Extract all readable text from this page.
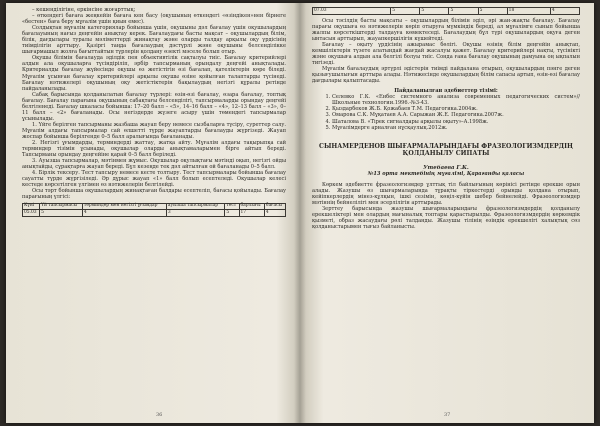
– кешенділігіне, еркінсіне жоғарттық;

– өткендегі бағаға жеңкейін бағаға кен басу (оқушының өткендегі «өзіндікен»нен бірнеге «бестен» баға беру мұғалім үшін қиын емес).

Солдықтан мұғалім категориялар бойынша үшін, оқушыны дәл бағалау үшін оқушылардың бағалауының нағыз деңгейін анықтау керек. Бағалаудағы басты мақсат – оқушылардың білім, білік, дағдылары туралы мәліметтерді жинақтау және оларды талдау арқылы оқу үрдісінің тиімділігін арттыру. Қазіргі таңда бағалаудың дәстүрлі және оқушыны белсенділікке шығармашыл жолға бағыттайтын түрлерін қолдану өзекті мәселе болып отыр.

Оқушы білімін бағалауда әділдік пен объективтілік сақталуы тиіс. Бағалау критерийлері алдын ала оқушыларға түсіндіріліп, әрбір тапсырманың орындалу деңгейі анықталады. Критериалды бағалау жүйесінде оқушы өз жетістігін өзі бағалап, қателіктерін көре біледі. Мұғалім ұсынған бағалау критерийлері арқылы оқушы өзіне қойылған талаптарды түсінеді. Бағалау нәтижелері оқушының оқу жетістіктерін бақылаудың негізгі құралы ретінде пайдаланылады.

Сабақ барысында қолданылатын бағалау түрлері: өзін-өзі бағалау, өзара бағалау, топтық бағалау. Бағалау парағына оқушының сабақтағы белсенділігі, тапсырмаларды орындау деңгейі белгіленеді. Бағалау шкаласы бойынша: 17–20 балл – «5», 14–16 балл – «4», 12–13 балл – «3», 0–11 балл – «2» бағаланады. Осы негіздерде жүзеге асыру үшін төмендегі тапсырмалар ұсынылады.

1. Үйге берілген тапсырманы жазбаша жауап беру немесе сызбаларға түсіру, суреттер салу. Мұғалім алдағы тапсырмалар сай өлшетті түрде жауаптарды бағалауды жүргізеді. Жауап жоспар бойынша берілгенде 0–5 балл аралығында бағаланады.

2. Негізгі ұғымдарды, терминдерді жаттау, жатқа айту. Мұғалім алдағы тақырыпқа сай терминдер тізімін ұсынады, оқушылар оларды анықтамаларымен бірге айтып береді. Тапсырманы орындау деңгейіне қарай 0–5 балл беріледі.

3. Ауызша тапсырмалар, мәтінмен жұмыс. Оқушылар оқулықтағы мәтінді оқып, негізгі ойды анықтайды, сұрақтарға жауап береді. Бұл кезеңде тек дәл айтылған ой бағаланады 0–5 балл.

4. Бірлік тексеру. Тест тапсыру немесе кесте толтыру. Тест тапсырмалары бойынша бағалау сауатты түрде жүргізіледі. Әр дұрыс жауап «1» балл болып есептеледі. Оқушылар келесі кестеде көрсетілген үлгімен өз нәтижелерін белгілейді.

Осы тәрт бойынша оқушылардың жинақтаған балдары есептеліп, бағасы қойылады. Бағалау парағының үлгісі:

Күні	Үй тапсырмасы	терминдер мен негізгі ұғымдар	ауызша тапсырмалар	тест	барлығы	бағасы
05.03	5	4	3	5	17	4
36
07.03	5	5	5	5	18	4

Осы тәсілдің басты мақсаты – оқушылардың білімін әділ, әрі жан-жақты бағалау. Бағалау парағы оқушыға өз нәтижелерін көріп отыруға мүмкіндік береді, ал мұғалімге сынып бойынша жалпы көрсеткіштерді талдауға көмектеседі. Бағалаудың бұл түрі оқушылардың оқуға деген ынтасын арттырып, жауапкершілігін күшейтеді.

Бағалау – оқыту үрдісінің ажырамас бөлігі. Оқушы өзінің білім деңгейін анықтап, кемшіліктерін түзете алатындай жағдай жасалуы қажет. Бағалау критерийлері нақты, түсінікті және оқушыға алдын ала белгілі болуы тиіс. Сонда ғана бағалау оқушының дамуына оң ықпалын тигізеді.

Мұғалім бағалаудың әртүрлі әдістерін тиімді пайдалана отырып, оқушылардың пәнге деген қызығушылығын арттыра алады. Нәтижесінде оқушылардың білім сапасы артып, өзін-өзі бағалау дағдылары қалыптасады.

Пайдаланылған әдебиеттер тізімі:
1. Селевко Г.К. «Енбес системного анализа современных педагогических систем»//Школьные технологии.1996.-№3-43.
2. Қыздарбеков Ж.Б. Қожабаев Т.М. Педагогика.2004ж.
3. Омарова С.К. Мұқатаев А.А. Сарыжан Ж.Е. Педагогика.2007ж.
4. Шаталова В. «Тірек сигналдары арқылы оқыту»-А.1998ж.
5. Мұғалімдерге арналған нұсқаулық.2012ж.
СЫНАМЕРДЕНОВ ШЫҒАРМАЛАРЫНДАҒЫ ФРАЗЕОЛОГИЗМДЕРДІҢ ҚОЛДАНЫЛУ СИПАТЫ
Утебаева Г.К.
№13 орта мектебінің мұғалімі, Қарағанды қаласы

Көркем әдебиетте фразеологизмдер ұлттық тіл байлығының көрінісі ретінде ерекше орын алады. Жазушы өз шығармаларында тұрақты тіркестерді орынды қолдана отырып, кейіпкерлердің мінез-құлқын, ішкі сезімін, көңіл-күйін шебер бейнелейді. Фразеологизмдер мәтіннің бейнелілігі мен әсерлілігін арттырады.

Зерттеу барысында жазушы шығармаларындағы фразеологизмдердің қолданылу ерекшеліктері мен олардың мағыналық топтары қарастырылды. Фразеологизмдердің көркемдік қызметі, образ жасаудағы рөлі талданды. Жазушы тілінің өзіндік ерекшелігі халықтық сөз қолданыстарымен тығыз байланысты.

37
